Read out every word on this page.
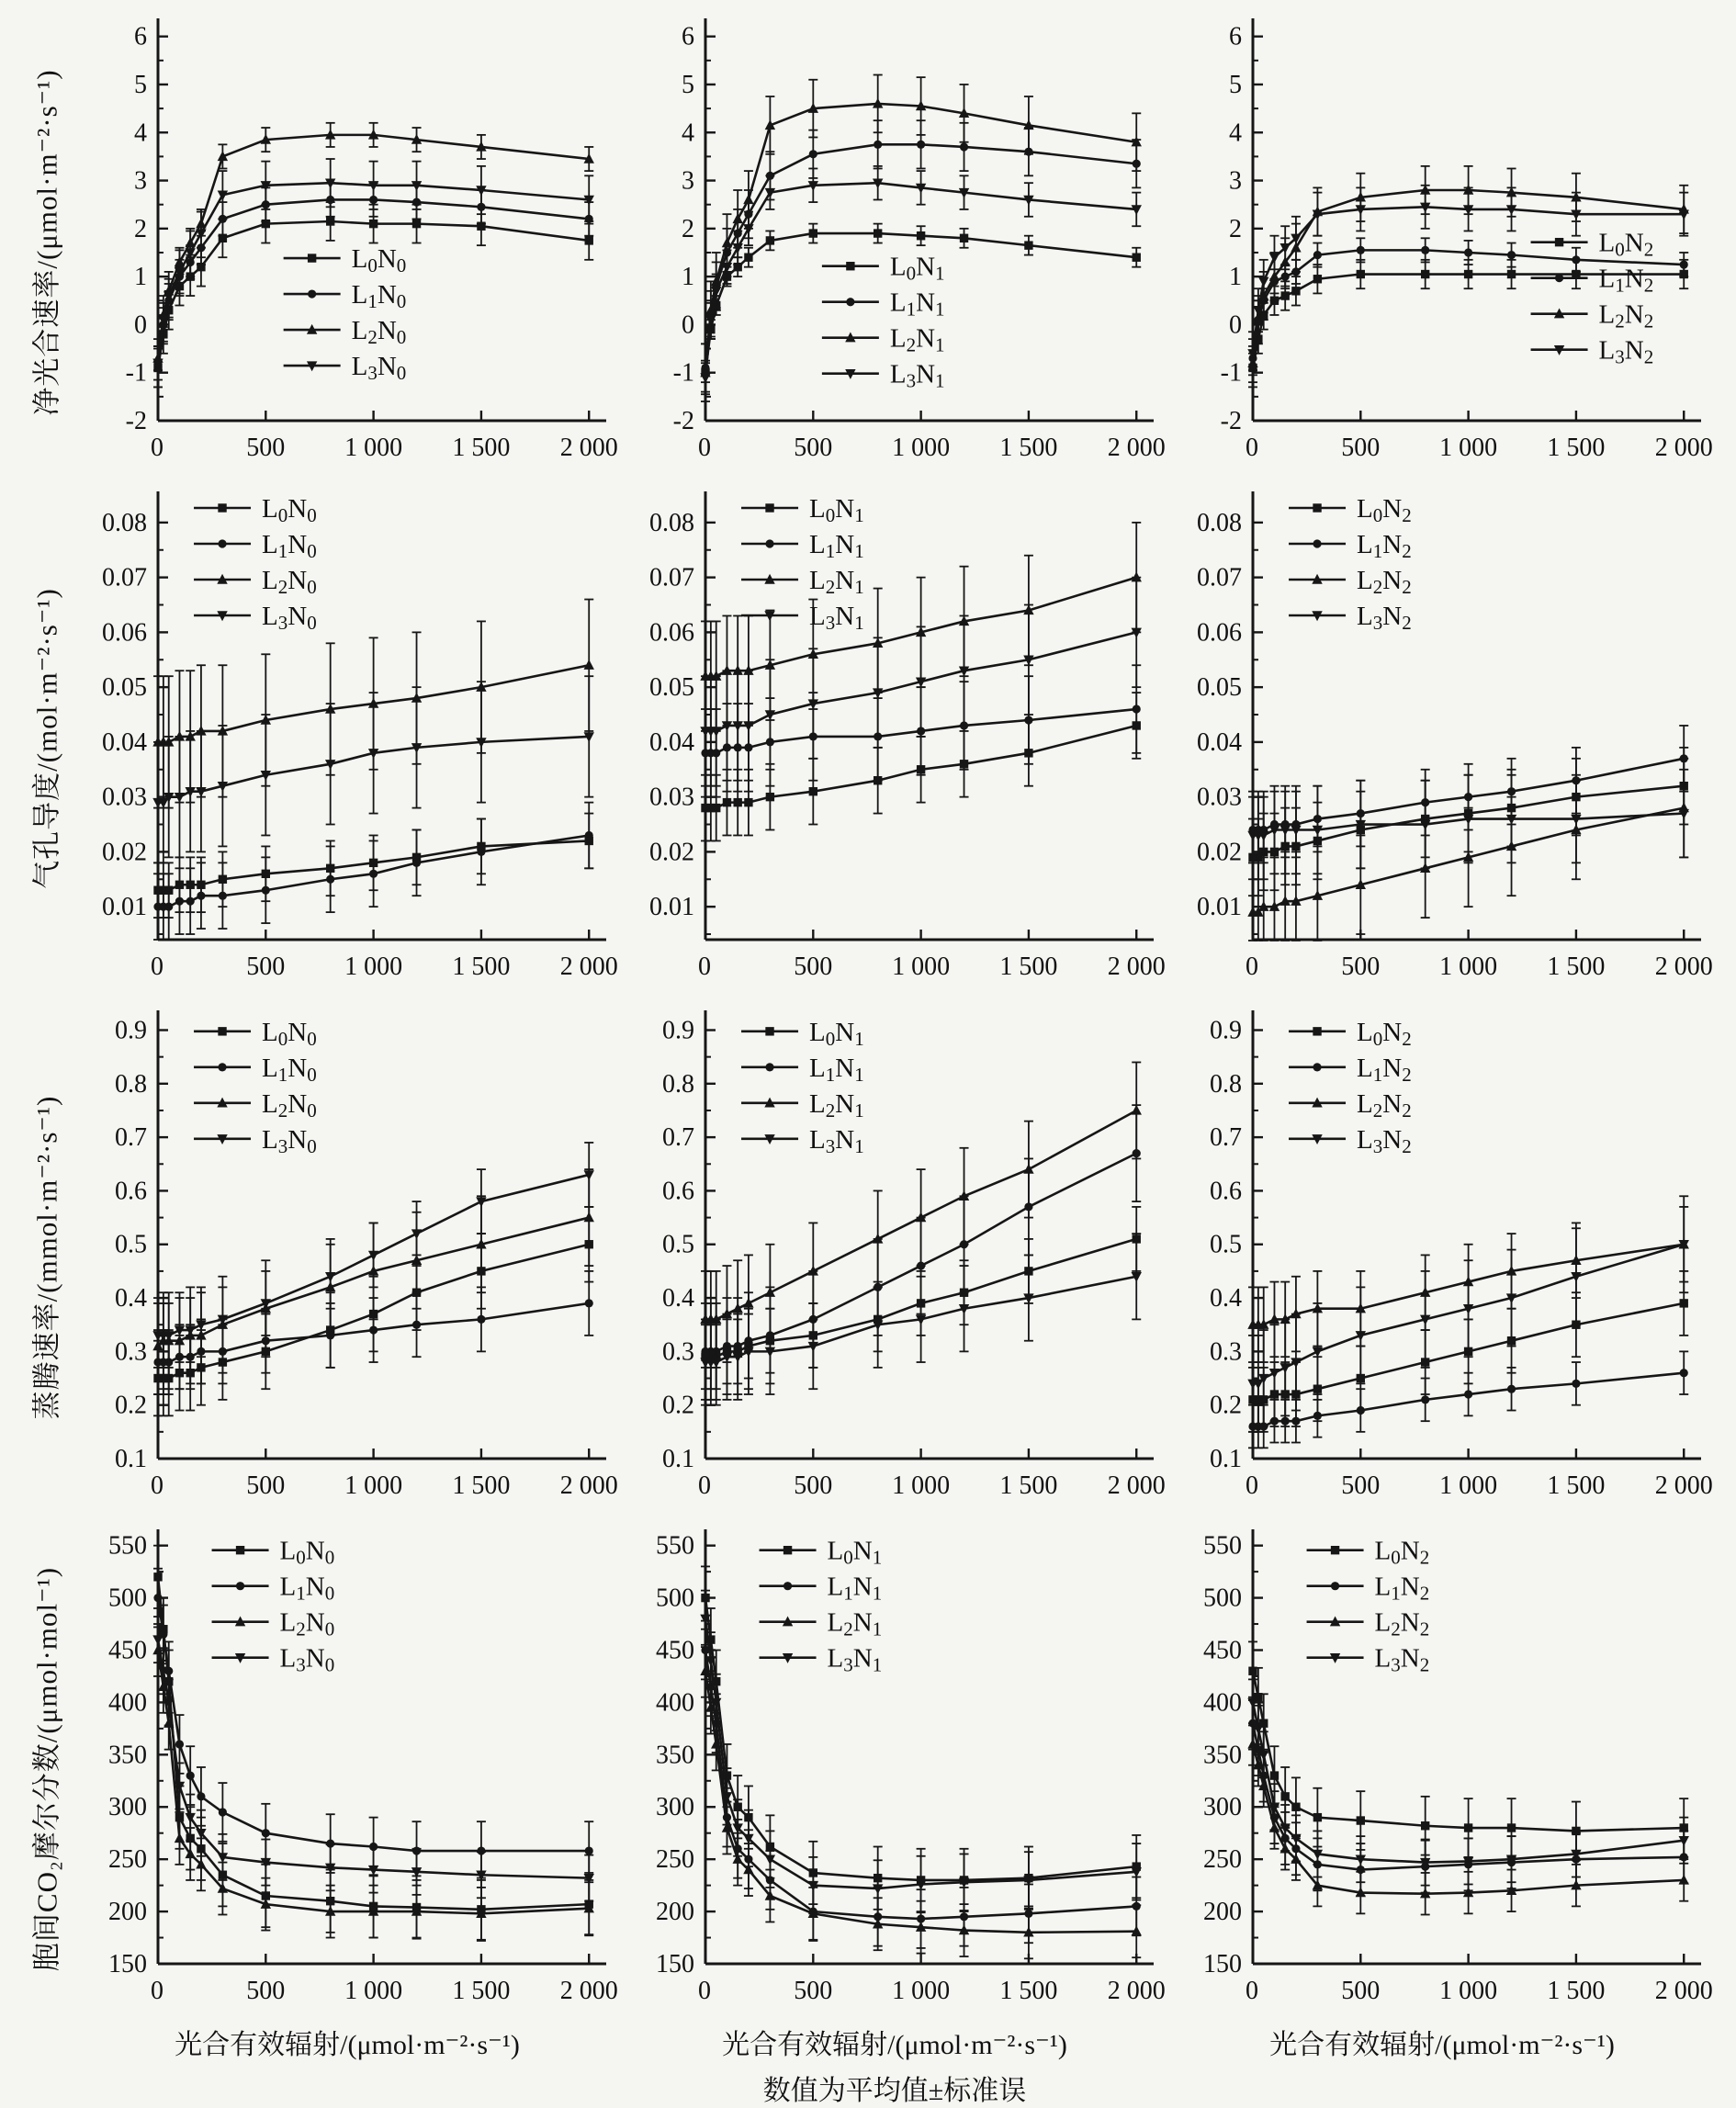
净光合速率/(μmol·m⁻²·s⁻¹)
-2
-1
0
1
2
3
4
5
6
0	500 1 000 1 500 2 000
L0N0
L1N0
L2N0
L3N0
-2
-1
0
1
2
3
4
5
6
0	500 1 000 1 500 2 000
L0N1
L1N1
L2N1
L3N1
-2
-1
0
1
2
3
4
5
6
0	500 1 000 1 500 2 000
L0N2
L1N2
L2N2
L3N2
气孔导度/(mol·m⁻²·s⁻¹)
0.01
0.02
0.03
0.04
0.05
0.06
0.07
0.08
0	500 1 000 1 500 2 000
L0N0
L1N0
L2N0
L3N0
0.01
0.02
0.03
0.04
0.05
0.06
0.07
0.08
0	500 1 000 1 500 2 000
L0N1
L1N1
L2N1
L3N1
0.01
0.02
0.03
0.04
0.05
0.06
0.07
0.08
0	500 1 000 1 500 2 000
L0N2
L1N2
L2N2
L3N2
蒸腾速率/(mmol·m⁻²·s⁻¹)
0.1
0.2
0.3
0.4
0.5
0.6
0.7
0.8
0.9
0	500 1 000 1 500 2 000
L0N0
L1N0
L2N0
L3N0
0.1
0.2
0.3
0.4
0.5
0.6
0.7
0.8
0.9
0	500 1 000 1 500 2 000
L0N1
L1N1
L2N1
L3N1
0.1
0.2
0.3
0.4
0.5
0.6
0.7
0.8
0.9
0	500 1 000 1 500 2 000
L0N2
L1N2
L2N2
L3N2
胞间CO₂摩尔分数/(μmol·mol⁻¹) 150
200
250
300
350
400
450
500
550
0	500 1 000 1 500 2 000
L0N0
L1N0
L2N0
L3N0
150
200
250
300
350
400
450
500
550
0	500 1 000 1 500 2 000
L0N1
L1N1
L2N1
L3N1
150
200
250
300
350
400
450
500
550
0	500 1 000 1 500 2 000
L0N2
L1N2
L2N2
L3N2
光合有效辐射/(μmol·m⁻²·s⁻¹)	光合有效辐射/(μmol·m⁻²·s⁻¹)	光合有效辐射/(μmol·m⁻²·s⁻¹)
数值为平均值±标准误
